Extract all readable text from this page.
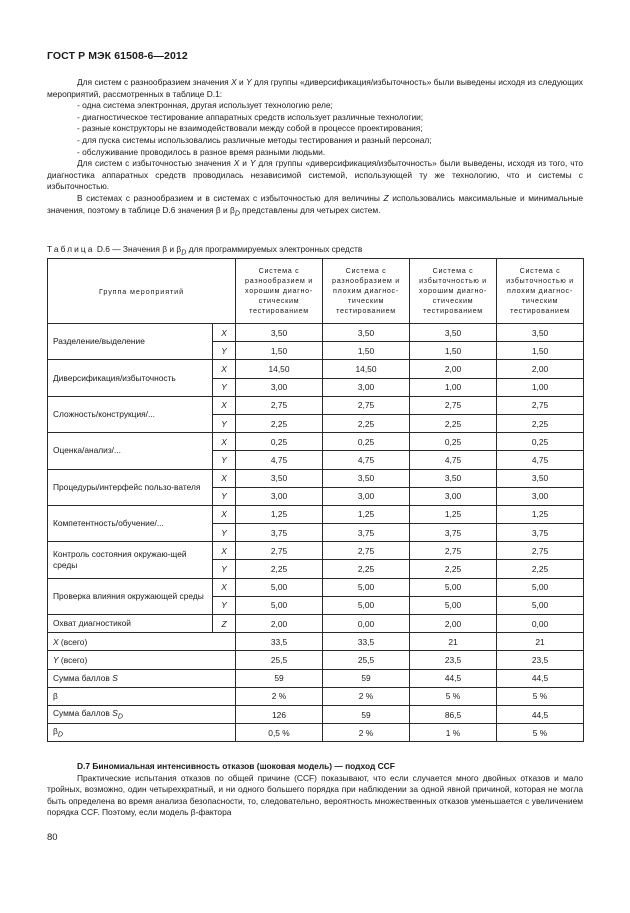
ГОСТ Р МЭК 61508-6—2012

Для систем с разнообразием значения X и Y для группы «диверсификация/избыточность» были выведены исходя из следующих мероприятий, рассмотренных в таблице D.1:

- одна система электронная, другая использует технологию реле;

- диагностическое тестирование аппаратных средств использует различные технологии;

- разные конструкторы не взаимодействовали между собой в процессе проектирования;

- для пуска системы использовались различные методы тестирования и разный персонал;

- обслуживание проводилось в разное время разными людьми.

Для систем с избыточностью значения X и Y для группы «диверсификация/избыточность» были выведены, исходя из того, что диагностика аппаратных средств проводилась независимой системой, использующей ту же технологию, что и системы с избыточностью.

В системах с разнообразием и в системах с избыточностью для величины Z использовались максимальные и минимальные значения, поэтому в таблице D.6 значения β и $\beta_D$ представлены для четырех систем.

Таблица D.6 — Значения β и $\beta_D$ для программируемых электронных средств
Группа мероприятий		Система с разнообразием и хорошим диагно-стическим тестированием	Система с разнообразием и плохим диагнос-тическим тестированием	Система с избыточностью и хорошим диагно-стическим тестированием	Система с избыточностью и плохим диагнос-тическим тестированием
Разделение/выделение	X	3,50	3,50	3,50	3,50
	Y	1,50	1,50	1,50	1,50
Диверсификация/избыточность	X	14,50	14,50	2,00	2,00
	Y	3,00	3,00	1,00	1,00
Сложность/конструкция/...	X	2,75	2,75	2,75	2,75
	Y	2,25	2,25	2,25	2,25
Оценка/анализ/...	X	0,25	0,25	0,25	0,25
	Y	4,75	4,75	4,75	4,75
Процедуры/интерфейс пользо-вателя	X	3,50	3,50	3,50	3,50
	Y	3,00	3,00	3,00	3,00
Компетентность/обучение/...	X	1,25	1,25	1,25	1,25
	Y	3,75	3,75	3,75	3,75
Контроль состояния окружаю-щей среды	X	2,75	2,75	2,75	2,75
	Y	2,25	2,25	2,25	2,25
Проверка влияния окружающей среды	X	5,00	5,00	5,00	5,00
	Y	5,00	5,00	5,00	5,00
Охват диагностикой	Z	2,00	0,00	2,00	0,00
X (всего)		33,5	33,5	21	21
Y (всего)		25,5	25,5	23,5	23,5
Сумма баллов S		59	59	44,5	44,5
β		2 %	2 %	5 %	5 %
Сумма баллов $S_D$		126	59	86,5	44,5
$\beta_D$		0,5 %	2 %	1 %	5 %

D.7 Биномиальная интенсивность отказов (шоковая модель) — подход CCF

Практические испытания отказов по общей причине (CCF) показывают, что если случается много двойных отказов и мало тройных, возможно, один четырехкратный, и ни одного большего порядка при наблюдении за одной явной причиной, которая не могла быть определена во время анализа безопасности, то, следовательно, вероятность множественных отказов уменьшается с увеличением порядка CCF. Поэтому, если модель β-фактора

80
